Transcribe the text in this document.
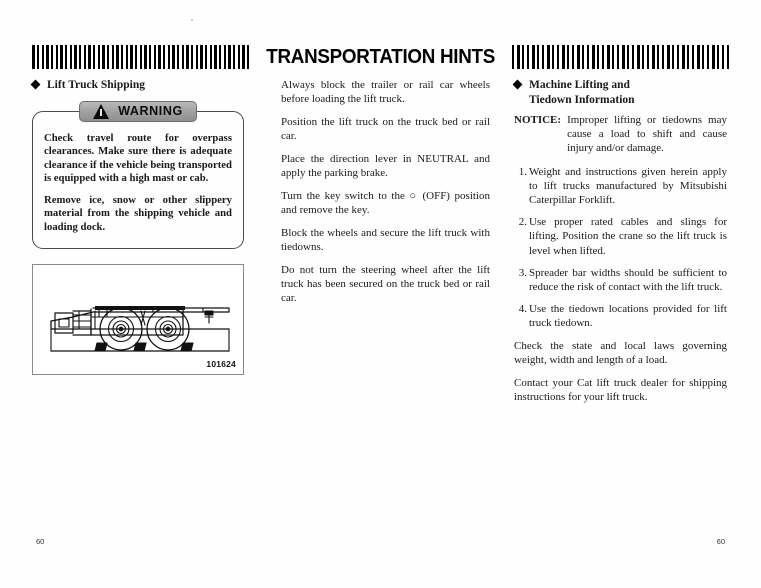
TRANSPORTATION HINTS
Lift Truck Shipping
WARNING

Check travel route for overpass clearances. Make sure there is adequate clearance if the vehicle being transported is equipped with a high mast or cab.

Remove ice, snow or other slippery material from the shipping vehicle and loading dock.

101624

Always block the trailer or rail car wheels before loading the lift truck.

Position the lift truck on the truck bed or rail car.

Place the direction lever in NEUTRAL and apply the parking brake.

Turn the key switch to the ○ (OFF) position and remove the key.

Block the wheels and secure the lift truck with tiedowns.

Do not turn the steering wheel after the lift truck has been secured on the truck bed or rail car.

Machine Lifting and
Tiedown Information
NOTICE: Improper lifting or tiedowns may cause a load to shift and cause injury and/or damage.
1. Weight and instructions given herein apply to lift trucks manufactured by Mitsubishi Caterpillar Forklift.
2. Use proper rated cables and slings for lifting. Position the crane so the lift truck is level when lifted.
3. Spreader bar widths should be sufficient to reduce the risk of contact with the lift truck.
4. Use the tiedown locations provided for lift truck tiedown.

Check the state and local laws governing weight, width and length of a load.

Contact your Cat lift truck dealer for shipping instructions for your lift truck.

60	60
